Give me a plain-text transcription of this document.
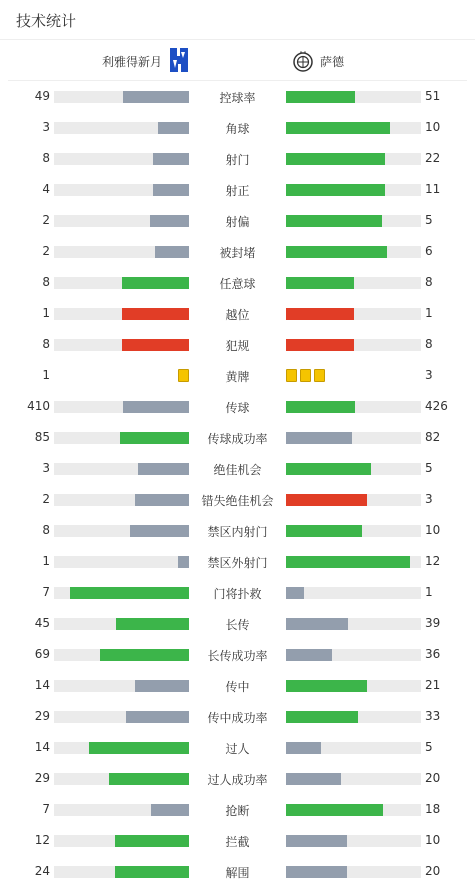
技术统计
利雅得新月	萨德
49	控球率	51
3	角球	10
8	射门	22
4	射正	11
2	射偏	5
2	被封堵	6
8	任意球	8
1	越位	1
8	犯规	8
1	黄牌	3
410	传球	426
85	传球成功率	82
3	绝佳机会	5
2	错失绝佳机会	3
8	禁区内射门	10
1	禁区外射门	12
7	门将扑救	1
45	长传	39
69	长传成功率	36
14	传中	21
29	传中成功率	33
14	过人	5
29	过人成功率	20
7	抢断	18
12	拦截	10
24	解围	20
